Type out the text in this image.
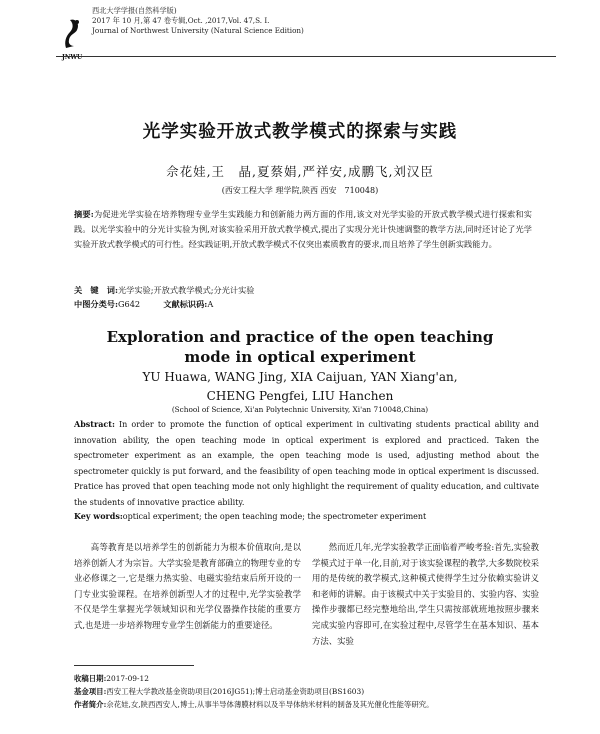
西北大学学报(自然科学版)
2017 年 10 月,第 47 卷专辑,Oct. ,2017,Vol. 47,S. I.
Journal of Northwest University (Natural Science Edition)
JNWU
光学实验开放式教学模式的探索与实践
佘花娃,王　晶,夏蔡娟,严祥安,成鹏飞,刘汉臣
(西安工程大学 理学院,陕西 西安　710048)
摘要:为促进光学实验在培养物理专业学生实践能力和创新能力两方面的作用,该文对光学实验的开放式教学模式进行探索和实践。以光学实验中的分光计实验为例,对该实验采用开放式教学模式,提出了实现分光计快速调整的教学方法,同时还讨论了光学实验开放式教学模式的可行性。经实践证明,开放式教学模式不仅突出素质教育的要求,而且培养了学生创新实践能力。
关　键　词:光学实验;开放式教学模式;分光计实验
中图分类号:G642	文献标识码:A
Exploration and practice of the open teaching
mode in optical experiment
YU Huawa, WANG Jing, XIA Caijuan, YAN Xiang'an,
CHENG Pengfei, LIU Hanchen
(School of Science, Xi'an Polytechnic University, Xi'an 710048,China)
Abstract: In order to promote the function of optical experiment in cultivating students practical ability and innovation ability, the open teaching mode in optical experiment is explored and practiced. Taken the spectrometer experiment as an example, the open teaching mode is used, adjusting method about the spectrometer quickly is put forward, and the feasibility of open teaching mode in optical experiment is discussed. Pratice has proved that open teaching mode not only highlight the requirement of quality education, and cultivate the students of innovative practice ability.
Key words:optical experiment; the open teaching mode; the spectrometer experiment
高等教育是以培养学生的创新能力为根本价值取向,是以培养创新人才为宗旨。大学实验是教育部确立的物理专业的专业必修课之一,它是继力热实验、电磁实验结束后所开设的一门专业实验课程。在培养创新型人才的过程中,光学实验教学不仅是学生掌握光学领域知识和光学仪器操作技能的重要方式,也是进一步培养物理专业学生创新能力的重要途径。
然而近几年,光学实验教学正面临着严峻考验:首先,实验教学模式过于单一化,目前,对于该实验课程的教学,大多数院校采用的是传统的教学模式,这种模式使得学生过分依赖实验讲义和老师的讲解。由于该模式中关于实验目的、实验内容、实验操作步骤都已经完整地给出,学生只需按部就班地按照步骤来完成实验内容即可,在实验过程中,尽管学生在基本知识、基本方法、实验
收稿日期:2017-09-12
基金项目:西安工程大学教改基金资助项目(2016JG51);博士启动基金资助项目(BS1603)
作者简介:佘花娃,女,陕西西安人,博士,从事半导体薄膜材料以及半导体纳米材料的制备及其光催化性能等研究。
